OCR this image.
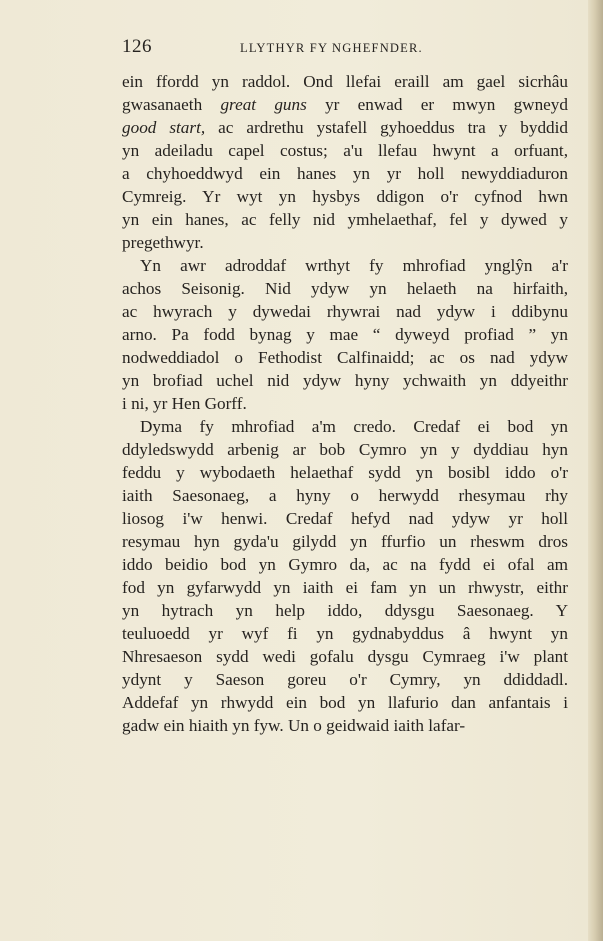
126	LLYTHYR FY NGHEFNDER.
ein ffordd yn raddol. Ond llefai eraill am gael sicrhâu
gwasanaeth great guns yr enwad er mwyn gwneyd
good start, ac ardrethu ystafell gyhoeddus tra y byddid
yn adeiladu capel costus; a'u llefau hwynt a orfuant,
a chyhoeddwyd ein hanes yn yr holl newyddiaduron
Cymreig. Yr wyt yn hysbys ddigon o'r cyfnod hwn
yn ein hanes, ac felly nid ymhelaethaf, fel y dywed y
pregethwyr.
Yn awr adroddaf wrthyt fy mhrofiad ynglŷn a'r
achos Seisonig. Nid ydyw yn helaeth na hirfaith,
ac hwyrach y dywedai rhywrai nad ydyw i ddibynu
arno. Pa fodd bynag y mae “ dyweyd profiad ” yn
nodweddiadol o Fethodist Calfinaidd; ac os nad ydyw
yn brofiad uchel nid ydyw hyny ychwaith yn ddyeithr
i ni, yr Hen Gorff.
Dyma fy mhrofiad a'm credo. Credaf ei bod yn
ddyledswydd arbenig ar bob Cymro yn y dyddiau hyn
feddu y wybodaeth helaethaf sydd yn bosibl iddo o'r
iaith Saesonaeg, a hyny o herwydd rhesymau rhy
liosog i'w henwi. Credaf hefyd nad ydyw yr holl
resymau hyn gyda'u gilydd yn ffurfio un rheswm dros
iddo beidio bod yn Gymro da, ac na fydd ei ofal am
fod yn gyfarwydd yn iaith ei fam yn un rhwystr, eithr
yn hytrach yn help iddo, ddysgu Saesonaeg. Y
teuluoedd yr wyf fi yn gydnabyddus â hwynt yn
Nhresaeson sydd wedi gofalu dysgu Cymraeg i'w plant
ydynt y Saeson goreu o'r Cymry, yn ddiddadl.
Addefaf yn rhwydd ein bod yn llafurio dan anfantais i
gadw ein hiaith yn fyw. Un o geidwaid iaith lafar-
